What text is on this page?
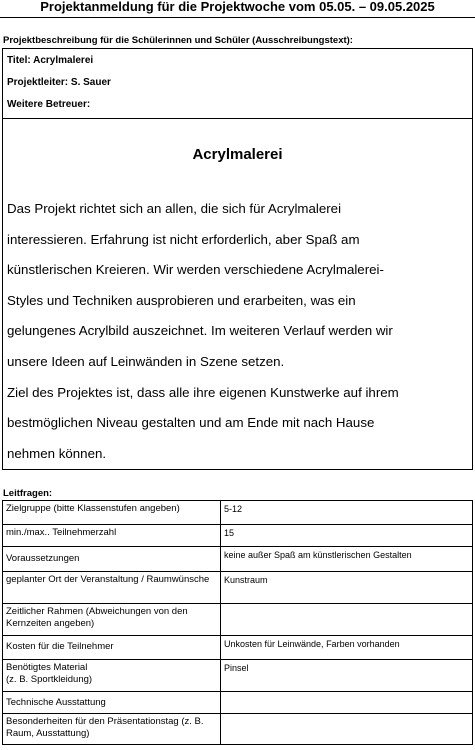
Projektanmeldung für die Projektwoche vom 05.05. – 09.05.2025
Projektbeschreibung für die Schülerinnen und Schüler (Ausschreibungstext):
Titel: Acrylmalerei
Projektleiter: S. Sauer
Weitere Betreuer:
Acrylmalerei
Das Projekt richtet sich an allen, die sich für Acrylmalerei
interessieren. Erfahrung ist nicht erforderlich, aber Spaß am
künstlerischen Kreieren. Wir werden verschiedene Acrylmalerei-
Styles und Techniken ausprobieren und erarbeiten, was ein
gelungenes Acrylbild auszeichnet. Im weiteren Verlauf werden wir
unsere Ideen auf Leinwänden in Szene setzen.
Ziel des Projektes ist, dass alle ihre eigenen Kunstwerke auf ihrem
bestmöglichen Niveau gestalten und am Ende mit nach Hause
nehmen können.
Leitfragen:
Zielgruppe (bitte Klassenstufen angeben)	5-12
min./max.. Teilnehmerzahl	15
Voraussetzungen	keine außer Spaß am künstlerischen Gestalten
geplanter Ort der Veranstaltung / Raumwünsche	Kunstraum
Zeitlicher Rahmen (Abweichungen von den Kernzeiten angeben)	
Kosten für die Teilnehmer	Unkosten für Leinwände, Farben vorhanden
Benötigtes Material
(z. B. Sportkleidung)	Pinsel
Technische Ausstattung	
Besonderheiten für den Präsentationstag (z. B. Raum, Ausstattung)	
